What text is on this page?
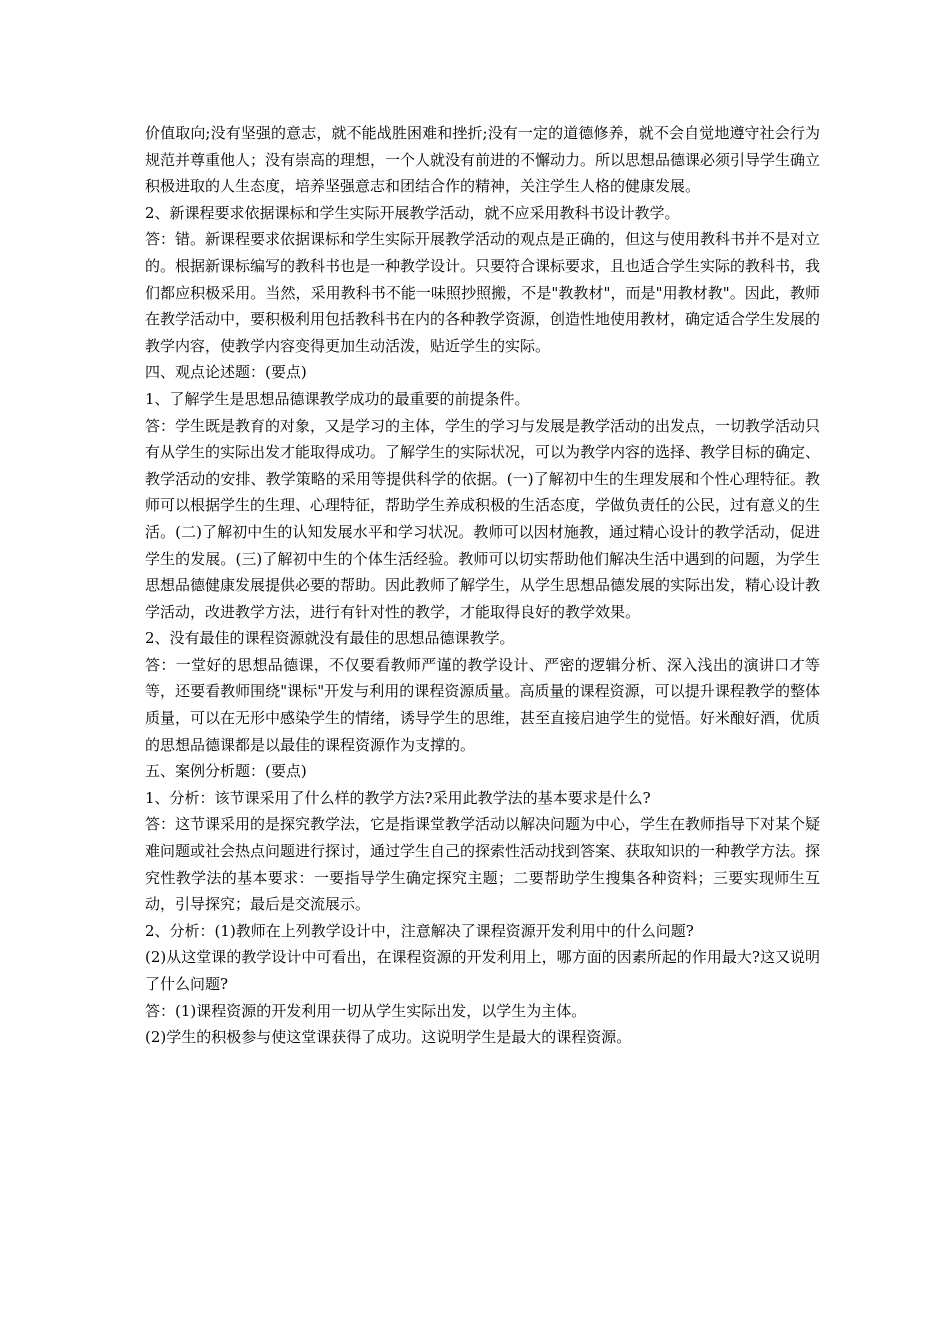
价值取向;没有坚强的意志，就不能战胜困难和挫折;没有一定的道德修养，就不会自觉地遵守社会行为规范并尊重他人；没有崇高的理想，一个人就没有前进的不懈动力。所以思想品德课必须引导学生确立积极进取的人生态度，培养坚强意志和团结合作的精神，关注学生人格的健康发展。

2、新课程要求依据课标和学生实际开展教学活动，就不应采用教科书设计教学。

答：错。新课程要求依据课标和学生实际开展教学活动的观点是正确的，但这与使用教科书并不是对立的。根据新课标编写的教科书也是一种教学设计。只要符合课标要求，且也适合学生实际的教科书，我们都应积极采用。当然，采用教科书不能一味照抄照搬，不是"教教材"，而是"用教材教"。因此，教师在教学活动中，要积极利用包括教科书在内的各种教学资源，创造性地使用教材，确定适合学生发展的教学内容，使教学内容变得更加生动活泼，贴近学生的实际。

四、观点论述题：(要点)

1、了解学生是思想品德课教学成功的最重要的前提条件。

答：学生既是教育的对象，又是学习的主体，学生的学习与发展是教学活动的出发点，一切教学活动只有从学生的实际出发才能取得成功。了解学生的实际状况，可以为教学内容的选择、教学目标的确定、教学活动的安排、教学策略的采用等提供科学的依据。(一)了解初中生的生理发展和个性心理特征。教师可以根据学生的生理、心理特征，帮助学生养成积极的生活态度，学做负责任的公民，过有意义的生活。(二)了解初中生的认知发展水平和学习状况。教师可以因材施教，通过精心设计的教学活动，促进学生的发展。(三)了解初中生的个体生活经验。教师可以切实帮助他们解决生活中遇到的问题，为学生思想品德健康发展提供必要的帮助。因此教师了解学生，从学生思想品德发展的实际出发，精心设计教学活动，改进教学方法，进行有针对性的教学，才能取得良好的教学效果。

2、没有最佳的课程资源就没有最佳的思想品德课教学。

答：一堂好的思想品德课，不仅要看教师严谨的教学设计、严密的逻辑分析、深入浅出的演讲口才等等，还要看教师围绕"课标"开发与利用的课程资源质量。高质量的课程资源，可以提升课程教学的整体质量，可以在无形中感染学生的情绪，诱导学生的思维，甚至直接启迪学生的觉悟。好米酿好酒，优质的思想品德课都是以最佳的课程资源作为支撑的。

五、案例分析题：(要点)

1、分析：该节课采用了什么样的教学方法?采用此教学法的基本要求是什么?

答：这节课采用的是探究教学法，它是指课堂教学活动以解决问题为中心，学生在教师指导下对某个疑难问题或社会热点问题进行探讨，通过学生自己的探索性活动找到答案、获取知识的一种教学方法。探究性教学法的基本要求：一要指导学生确定探究主题；二要帮助学生搜集各种资料；三要实现师生互动，引导探究；最后是交流展示。

2、分析：(1)教师在上列教学设计中，注意解决了课程资源开发利用中的什么问题?

(2)从这堂课的教学设计中可看出，在课程资源的开发利用上，哪方面的因素所起的作用最大?这又说明了什么问题?

答：(1)课程资源的开发利用一切从学生实际出发，以学生为主体。

(2)学生的积极参与使这堂课获得了成功。这说明学生是最大的课程资源。
